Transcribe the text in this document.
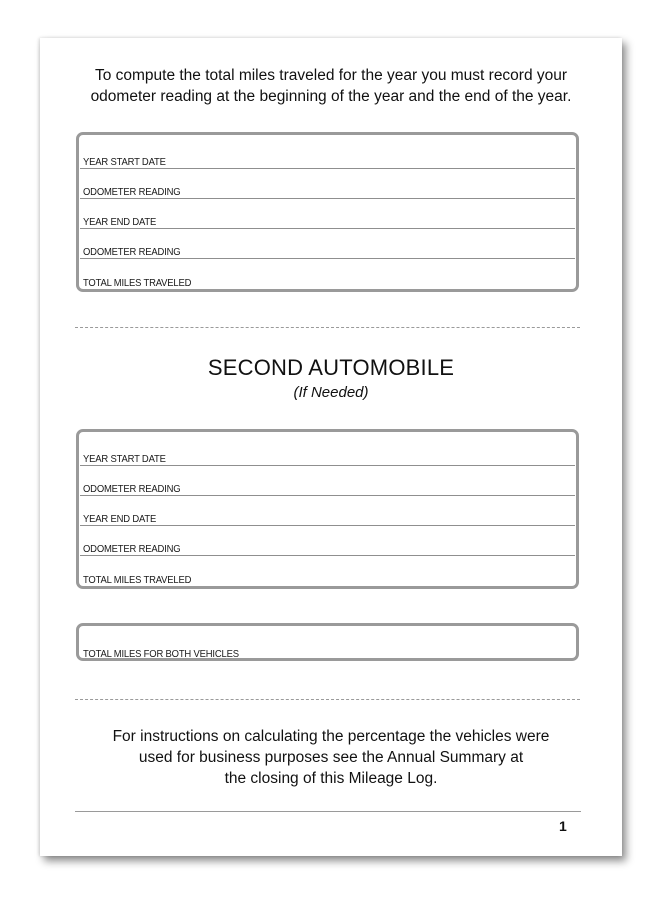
To compute the total miles traveled for the year you must record your
odometer reading at the beginning of the year and the end of the year.
YEAR START DATE
ODOMETER READING
YEAR END DATE
ODOMETER READING
TOTAL MILES TRAVELED
SECOND AUTOMOBILE
(If Needed)
YEAR START DATE
ODOMETER READING
YEAR END DATE
ODOMETER READING
TOTAL MILES TRAVELED
TOTAL MILES FOR BOTH VEHICLES
For instructions on calculating the percentage the vehicles were
used for business purposes see the Annual Summary at
the closing of this Mileage Log.
1
